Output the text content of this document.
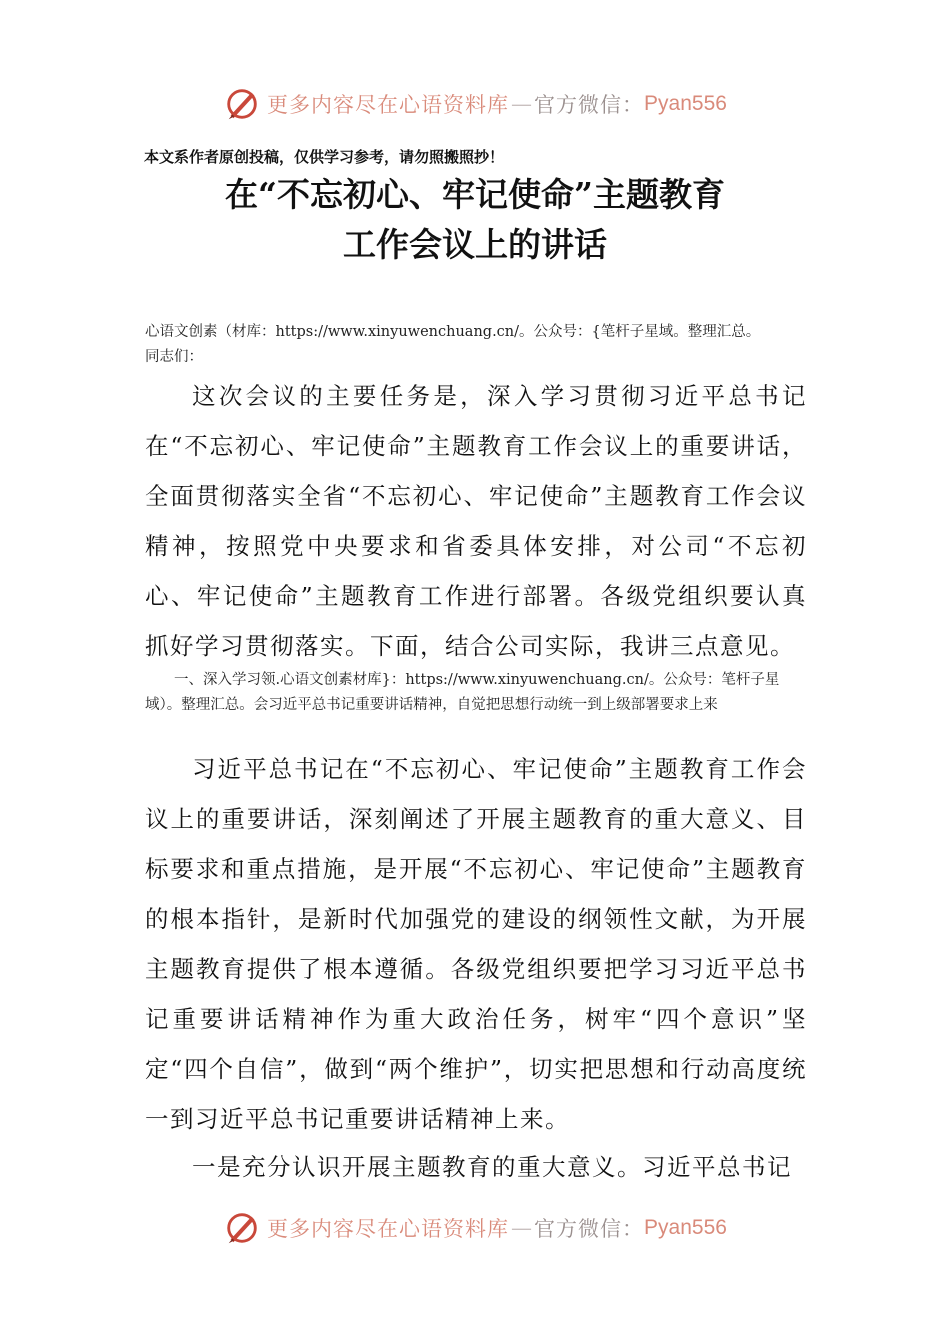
更多内容尽在心语资料库 — 官方微信： Pyan556
本文系作者原创投稿，仅供学习参考，请勿照搬照抄！
在“不忘初心、牢记使命”主题教育
工作会议上的讲话
心语文创素（材库：https://www.xinyuwenchuang.cn/。公众号：{笔杆子星域。整理汇总。
同志们：
这次会议的主要任务是，深入学习贯彻习近平总书记在“不忘初心、牢记使命”主题教育工作会议上的重要讲话，全面贯彻落实全省“不忘初心、牢记使命”主题教育工作会议精神，按照党中央要求和省委具体安排，对公司“不忘初心、牢记使命”主题教育工作进行部署。各级党组织要认真抓好学习贯彻落实。下面，结合公司实际，我讲三点意见。
一、深入学习领.心语文创素材库}：https://www.xinyuwenchuang.cn/。公众号：笔杆子星域）。整理汇总。会习近平总书记重要讲话精神，自觉把思想行动统一到上级部署要求上来
习近平总书记在“不忘初心、牢记使命”主题教育工作会议上的重要讲话，深刻阐述了开展主题教育的重大意义、目标要求和重点措施，是开展“不忘初心、牢记使命”主题教育的根本指针，是新时代加强党的建设的纲领性文献，为开展主题教育提供了根本遵循。各级党组织要把学习习近平总书记重要讲话精神作为重大政治任务，树牢“四个意识”坚定“四个自信”，做到“两个维护”，切实把思想和行动高度统一到习近平总书记重要讲话精神上来。
一是充分认识开展主题教育的重大意义。习近平总书记
更多内容尽在心语资料库 — 官方微信： Pyan556
